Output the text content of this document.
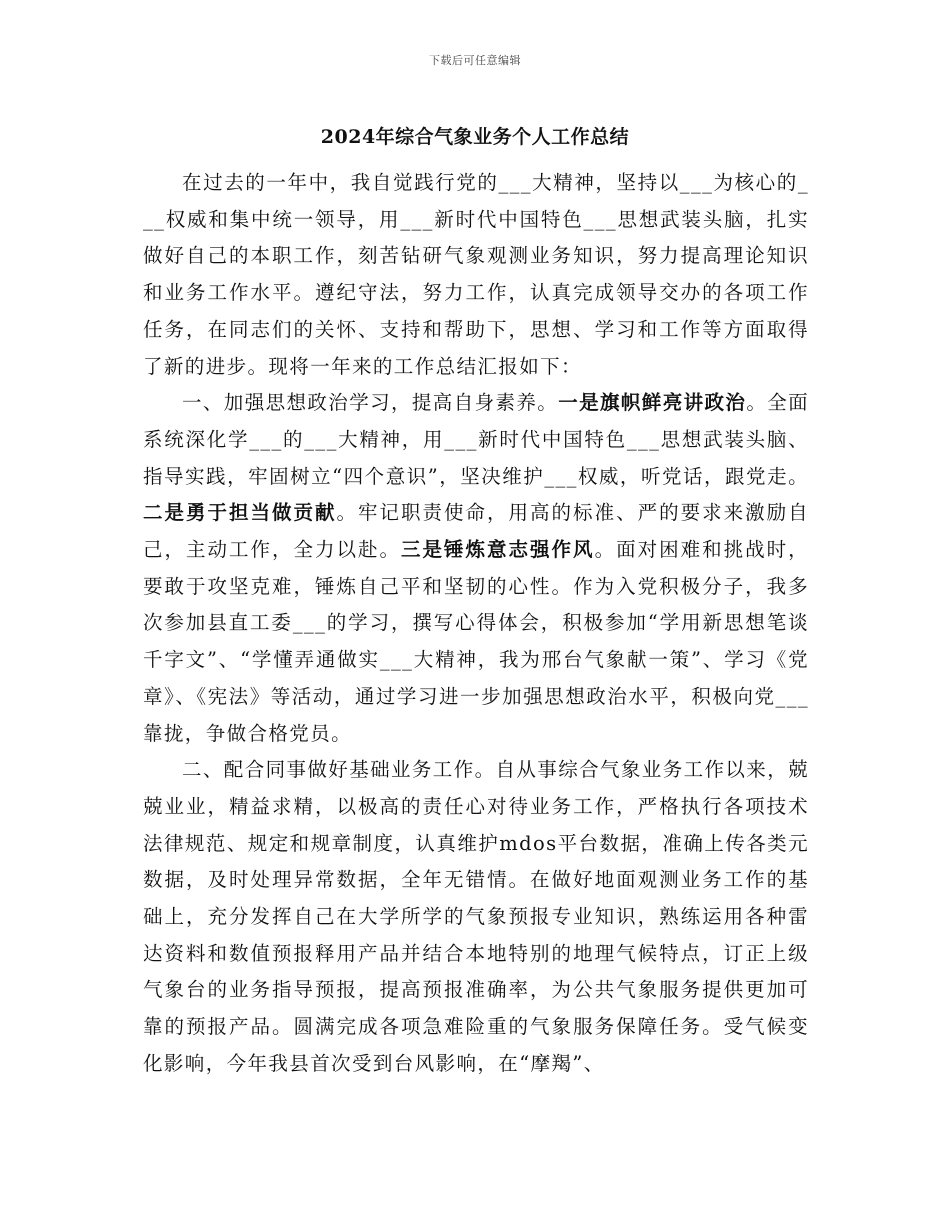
下载后可任意编辑
2024年综合气象业务个人工作总结

在过去的一年中，我自觉践行党的___大精神，坚持以___为核心的___权威和集中统一领导，用___新时代中国特色___思想武装头脑，扎实做好自己的本职工作，刻苦钻研气象观测业务知识，努力提高理论知识和业务工作水平。遵纪守法，努力工作，认真完成领导交办的各项工作任务，在同志们的关怀、支持和帮助下，思想、学习和工作等方面取得了新的进步。现将一年来的工作总结汇报如下：

一、加强思想政治学习，提高自身素养。一是旗帜鲜亮讲政治。全面系统深化学___的___大精神，用___新时代中国特色___思想武装头脑、指导实践，牢固树立“四个意识”，坚决维护___权威，听党话，跟党走。二是勇于担当做贡献。牢记职责使命，用高的标准、严的要求来激励自己，主动工作，全力以赴。三是锤炼意志强作风。面对困难和挑战时，要敢于攻坚克难，锤炼自己平和坚韧的心性。作为入党积极分子，我多次参加县直工委___的学习，撰写心得体会，积极参加“学用新思想笔谈千字文”、“学懂弄通做实___大精神，我为邢台气象献一策”、学习《党章》、《宪法》等活动，通过学习进一步加强思想政治水平，积极向党___靠拢，争做合格党员。

二、配合同事做好基础业务工作。自从事综合气象业务工作以来，兢兢业业，精益求精，以极高的责任心对待业务工作，严格执行各项技术法律规范、规定和规章制度，认真维护mdos平台数据，准确上传各类元数据，及时处理异常数据，全年无错情。在做好地面观测业务工作的基础上，充分发挥自己在大学所学的气象预报专业知识，熟练运用各种雷达资料和数值预报释用产品并结合本地特别的地理气候特点，订正上级气象台的业务指导预报，提高预报准确率，为公共气象服务提供更加可靠的预报产品。圆满完成各项急难险重的气象服务保障任务。受气候变化影响，今年我县首次受到台风影响，在“摩羯”、
